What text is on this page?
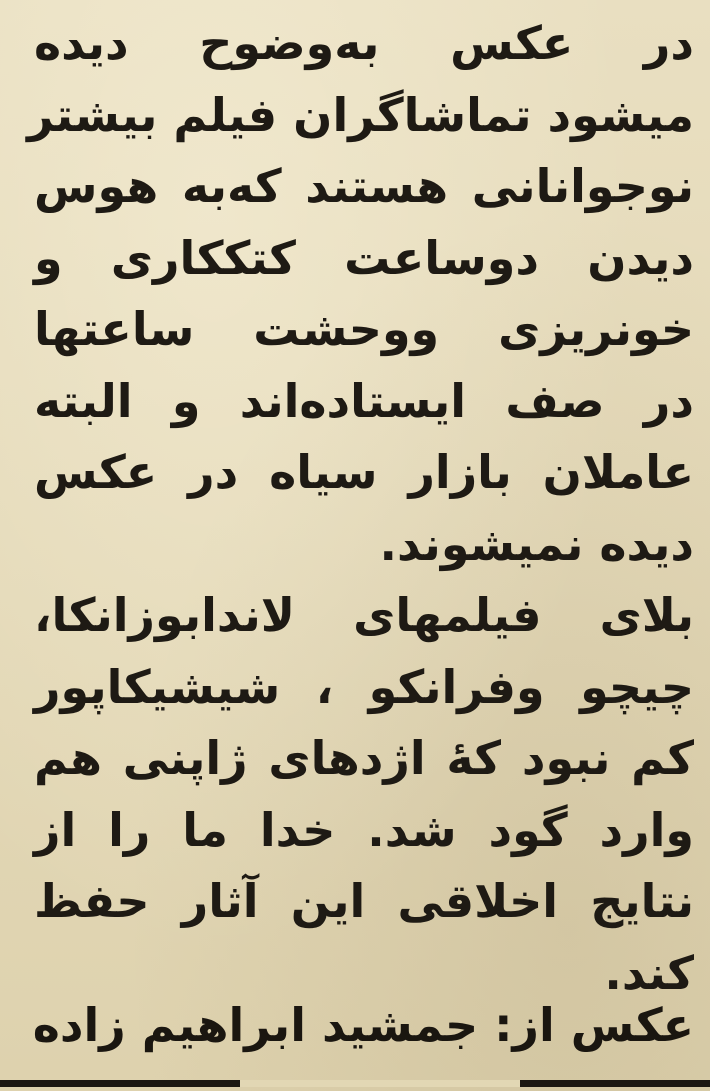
در عکس بەوضوح دیده
میشود تماشاگران فیلم بیشتر
نوجوانانی هستند کەبه هوس
دیدن دوساعت کتککاری و
خونریزی ووحشت ساعتها
در صف ایستادەاند و البته
عاملان بازار سیاه در عکس
دیده نمیشوند.
بلای فیلمهای لاندابوزانکا،
چیچو وفرانکو ، شیشیکاپور
کم نبود کهٔ اژدهای ژاپنی هم
وارد گود شد. خدا ما را از
نتایج اخلاقی این آثار حفظ
کند.
عکس از: جمشید ابراهیم زاده
